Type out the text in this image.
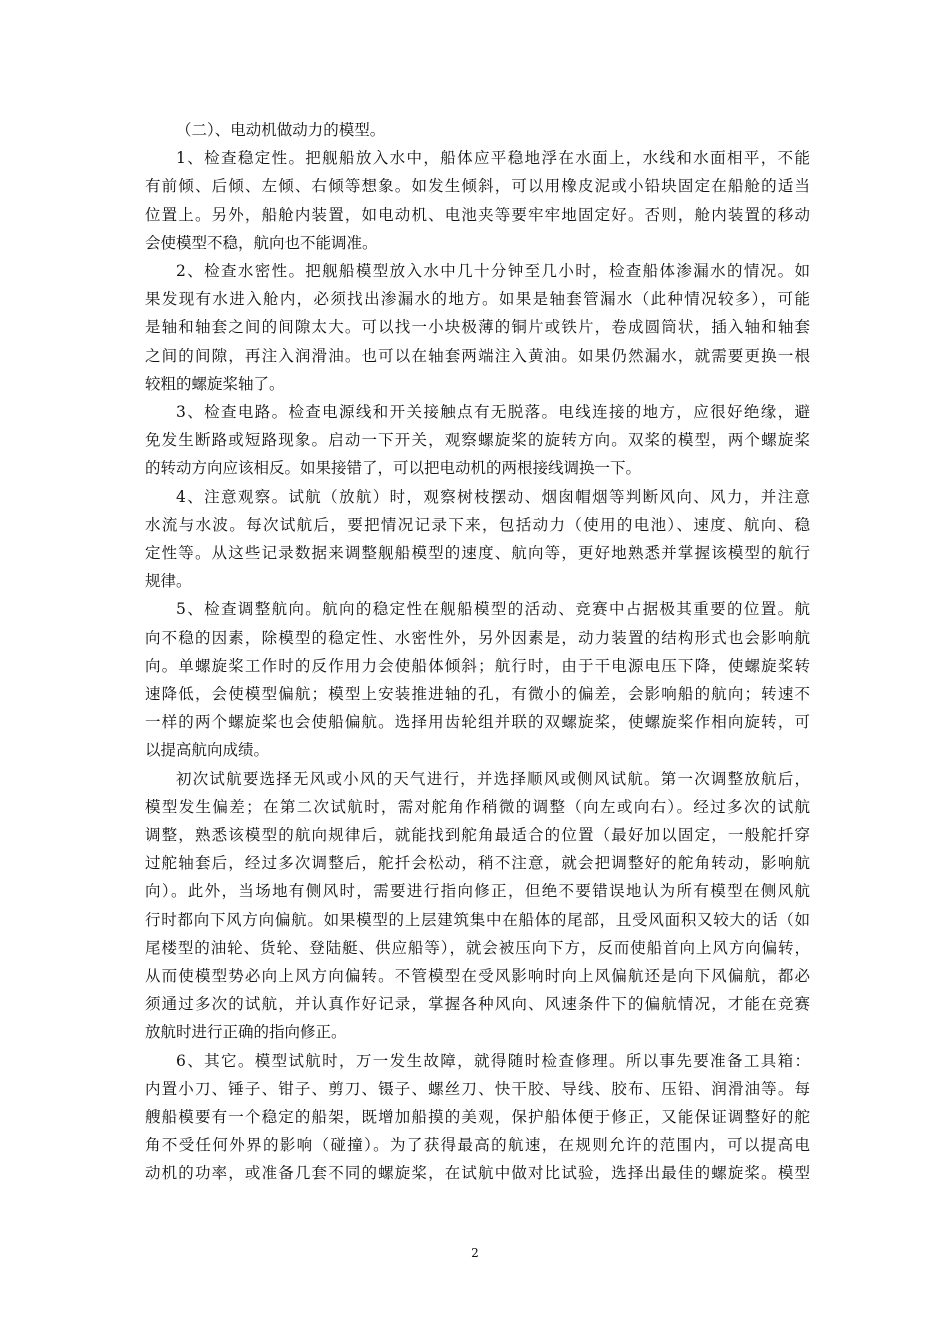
（二）、电动机做动力的模型。
1、检查稳定性。把舰船放入水中，船体应平稳地浮在水面上，水线和水面相平，不能
有前倾、后倾、左倾、右倾等想象。如发生倾斜，可以用橡皮泥或小铅块固定在船舱的适当
位置上。另外，船舱内装置，如电动机、电池夹等要牢牢地固定好。否则，舱内装置的移动
会使模型不稳，航向也不能调准。
2、检查水密性。把舰船模型放入水中几十分钟至几小时，检查船体渗漏水的情况。如
果发现有水进入舱内，必须找出渗漏水的地方。如果是轴套管漏水（此种情况较多），可能
是轴和轴套之间的间隙太大。可以找一小块极薄的铜片或铁片，卷成圆筒状，插入轴和轴套
之间的间隙，再注入润滑油。也可以在轴套两端注入黄油。如果仍然漏水，就需要更换一根
较粗的螺旋桨轴了。
3、检查电路。检查电源线和开关接触点有无脱落。电线连接的地方，应很好绝缘，避
免发生断路或短路现象。启动一下开关，观察螺旋桨的旋转方向。双桨的模型，两个螺旋桨
的转动方向应该相反。如果接错了，可以把电动机的两根接线调换一下。
4、注意观察。试航（放航）时，观察树枝摆动、烟囱帽烟等判断风向、风力，并注意
水流与水波。每次试航后，要把情况记录下来，包括动力（使用的电池）、速度、航向、稳
定性等。从这些记录数据来调整舰船模型的速度、航向等，更好地熟悉并掌握该模型的航行
规律。
5、检查调整航向。航向的稳定性在舰船模型的活动、竞赛中占据极其重要的位置。航
向不稳的因素，除模型的稳定性、水密性外，另外因素是，动力装置的结构形式也会影响航
向。单螺旋桨工作时的反作用力会使船体倾斜；航行时，由于干电源电压下降，使螺旋桨转
速降低，会使模型偏航；模型上安装推进轴的孔，有微小的偏差，会影响船的航向；转速不
一样的两个螺旋桨也会使船偏航。选择用齿轮组并联的双螺旋桨，使螺旋桨作相向旋转，可
以提高航向成绩。
初次试航要选择无风或小风的天气进行，并选择顺风或侧风试航。第一次调整放航后，
模型发生偏差；在第二次试航时，需对舵角作稍微的调整（向左或向右）。经过多次的试航
调整，熟悉该模型的航向规律后，就能找到舵角最适合的位置（最好加以固定，一般舵扦穿
过舵轴套后，经过多次调整后，舵扦会松动，稍不注意，就会把调整好的舵角转动，影响航
向）。此外，当场地有侧风时，需要进行指向修正，但绝不要错误地认为所有模型在侧风航
行时都向下风方向偏航。如果模型的上层建筑集中在船体的尾部，且受风面积又较大的话（如
尾楼型的油轮、货轮、登陆艇、供应船等），就会被压向下方，反而使船首向上风方向偏转，
从而使模型势必向上风方向偏转。不管模型在受风影响时向上风偏航还是向下风偏航，都必
须通过多次的试航，并认真作好记录，掌握各种风向、风速条件下的偏航情况，才能在竞赛
放航时进行正确的指向修正。
6、其它。模型试航时，万一发生故障，就得随时检查修理。所以事先要准备工具箱：
内置小刀、锤子、钳子、剪刀、镊子、螺丝刀、快干胶、导线、胶布、压铅、润滑油等。每
艘船模要有一个稳定的船架，既增加船摸的美观，保护船体便于修正，又能保证调整好的舵
角不受任何外界的影响（碰撞）。为了获得最高的航速，在规则允许的范围内，可以提高电
动机的功率，或准备几套不同的螺旋桨，在试航中做对比试验，选择出最佳的螺旋桨。模型
2
